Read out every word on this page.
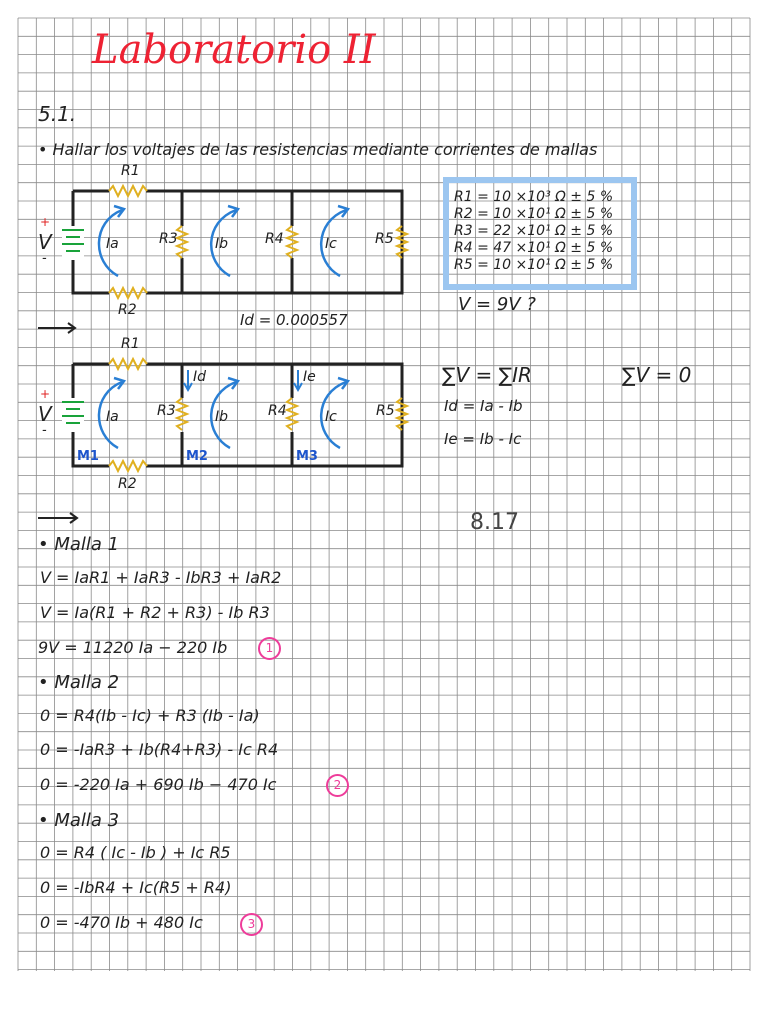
Laboratorio II
5.1.
• Hallar los voltajes de las resistencias mediante corrientes de mallas
R1
R2
R3	R4	R5
Ia	Ib	Ic
V
+
-
R1 = 10 ×10³ Ω ± 5 %
R2 = 10 ×10¹ Ω ± 5 %
R3 = 22 ×10¹ Ω ± 5 %
R4 = 47 ×10¹ Ω ± 5 %
R5 = 10 ×10¹ Ω ± 5 %
V = 9V ?
Id = 0.000557
R1
R2
R3	R4	R5
Ia	Ib	Ic
Id	Ie
M1	M2	M3
V
+
-
∑V = ∑IR	∑V = 0
Id = Ia - Ib
Ie = Ib - Ic
8.17
• Malla 1
V = IaR1 + IaR3 - IbR3 + IaR2
V = Ia(R1 + R2 + R3) - Ib R3
9V = 11220 Ia − 220 Ib	1
• Malla 2
0 = R4(Ib - Ic) + R3 (Ib - Ia)
0 = -IaR3 + Ib(R4+R3) - Ic R4
0 = -220 Ia + 690 Ib − 470 Ic	2
• Malla 3
0 = R4 ( Ic - Ib ) + Ic R5
0 = -IbR4 + Ic(R5 + R4)
0 = -470 Ib + 480 Ic	3
